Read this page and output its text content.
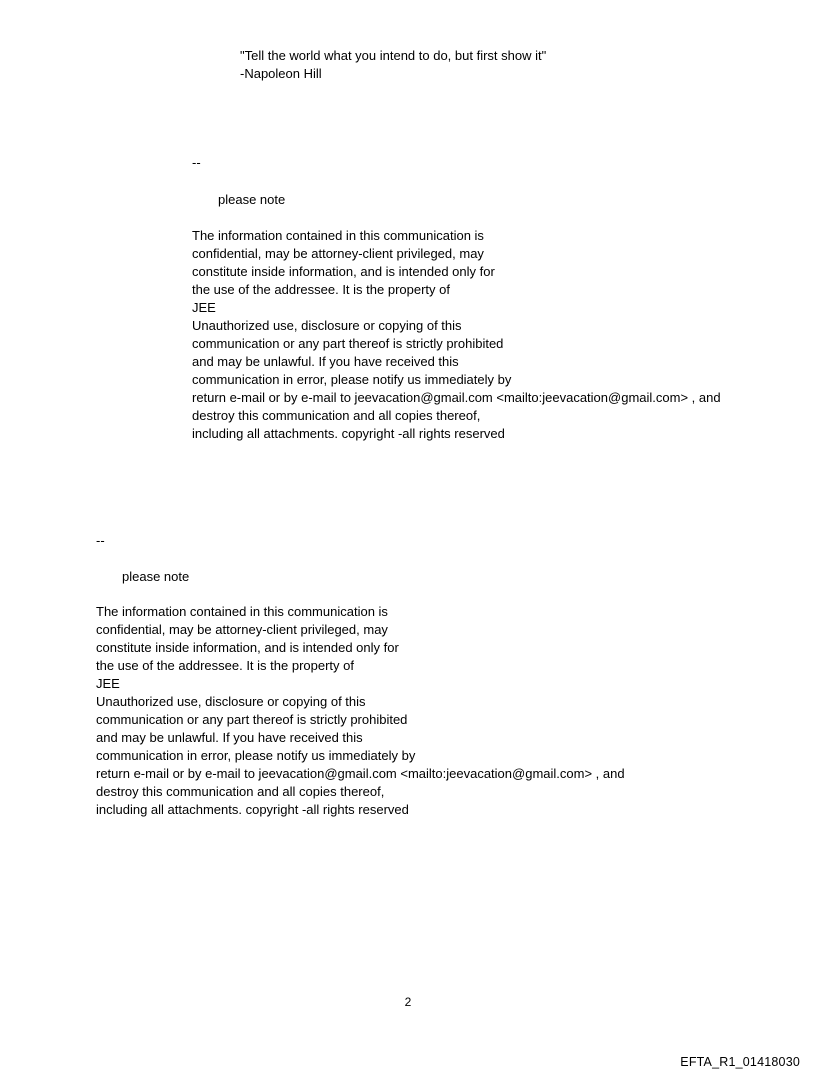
"Tell the world what you intend to do, but first show it"

-Napoleon Hill

--

please note

The information contained in this communication is

confidential, may be attorney-client privileged, may

constitute inside information, and is intended only for

the use of the addressee. It is the property of

JEE

Unauthorized use, disclosure or copying of this

communication or any part thereof is strictly prohibited

and may be unlawful. If you have received this

communication in error, please notify us immediately by

return e-mail or by e-mail to jeevacation@gmail.com <mailto:jeevacation@gmail.com> , and

destroy this communication and all copies thereof,

including all attachments. copyright -all rights reserved

--

please note

The information contained in this communication is

confidential, may be attorney-client privileged, may

constitute inside information, and is intended only for

the use of the addressee. It is the property of

JEE

Unauthorized use, disclosure or copying of this

communication or any part thereof is strictly prohibited

and may be unlawful. If you have received this

communication in error, please notify us immediately by

return e-mail or by e-mail to jeevacation@gmail.com <mailto:jeevacation@gmail.com> , and

destroy this communication and all copies thereof,

including all attachments. copyright -all rights reserved

2

EFTA_R1_01418030
